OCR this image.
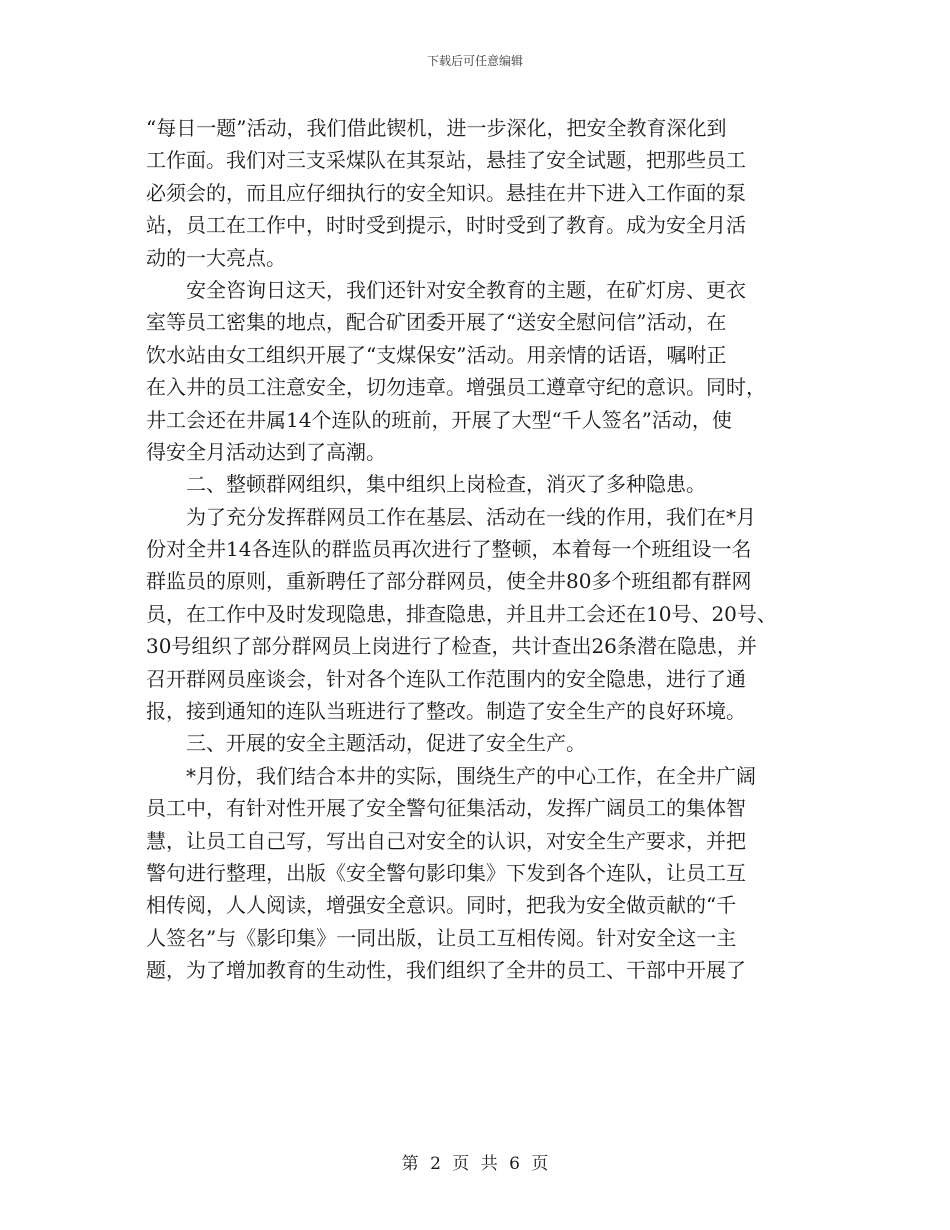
下载后可任意编辑
“每日一题”活动，我们借此锲机，进一步深化，把安全教育深化到
工作面。我们对三支采煤队在其泵站，悬挂了安全试题，把那些员工
必须会的，而且应仔细执行的安全知识。悬挂在井下进入工作面的泵
站，员工在工作中，时时受到提示，时时受到了教育。成为安全月活
动的一大亮点。
　　安全咨询日这天，我们还针对安全教育的主题，在矿灯房、更衣
室等员工密集的地点，配合矿团委开展了“送安全慰问信”活动，在
饮水站由女工组织开展了“支煤保安”活动。用亲情的话语，嘱咐正
在入井的员工注意安全，切勿违章。增强员工遵章守纪的意识。同时，
井工会还在井属14个连队的班前，开展了大型“千人签名”活动，使
得安全月活动达到了高潮。
　　二、整顿群网组织，集中组织上岗检查，消灭了多种隐患。
　　为了充分发挥群网员工作在基层、活动在一线的作用，我们在*月
份对全井14各连队的群监员再次进行了整顿，本着每一个班组设一名
群监员的原则，重新聘任了部分群网员，使全井80多个班组都有群网
员，在工作中及时发现隐患，排查隐患，并且井工会还在10号、20号、
30号组织了部分群网员上岗进行了检查，共计查出26条潜在隐患，并
召开群网员座谈会，针对各个连队工作范围内的安全隐患，进行了通
报，接到通知的连队当班进行了整改。制造了安全生产的良好环境。
　　三、开展的安全主题活动，促进了安全生产。
　　*月份，我们结合本井的实际，围绕生产的中心工作，在全井广阔
员工中，有针对性开展了安全警句征集活动，发挥广阔员工的集体智
慧，让员工自己写，写出自己对安全的认识，对安全生产要求，并把
警句进行整理，出版《安全警句影印集》下发到各个连队，让员工互
相传阅，人人阅读，增强安全意识。同时，把我为安全做贡献的“千
人签名”与《影印集》一同出版，让员工互相传阅。针对安全这一主
题，为了增加教育的生动性，我们组织了全井的员工、干部中开展了
第 2 页 共 6 页
